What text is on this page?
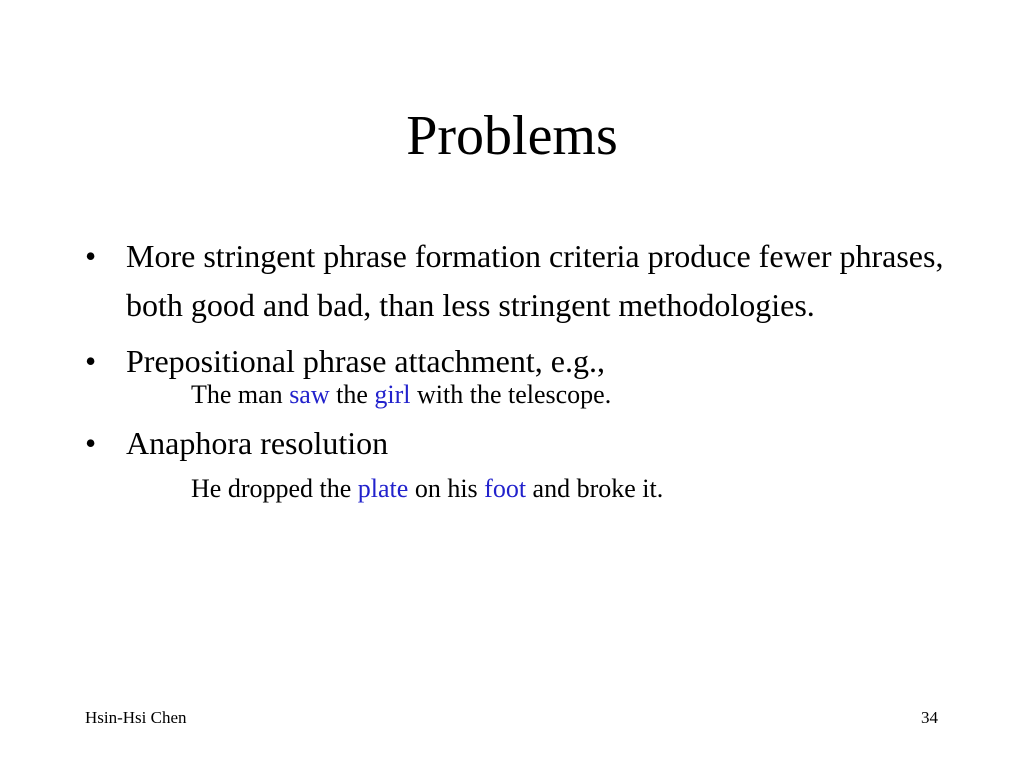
Problems
• More stringent phrase formation criteria produce fewer phrases, both good and bad, than less stringent methodologies.
• Prepositional phrase attachment, e.g.,
The man saw the girl with the telescope.
• Anaphora resolution
He dropped the plate on his foot and broke it.
Hsin-Hsi Chen	34
